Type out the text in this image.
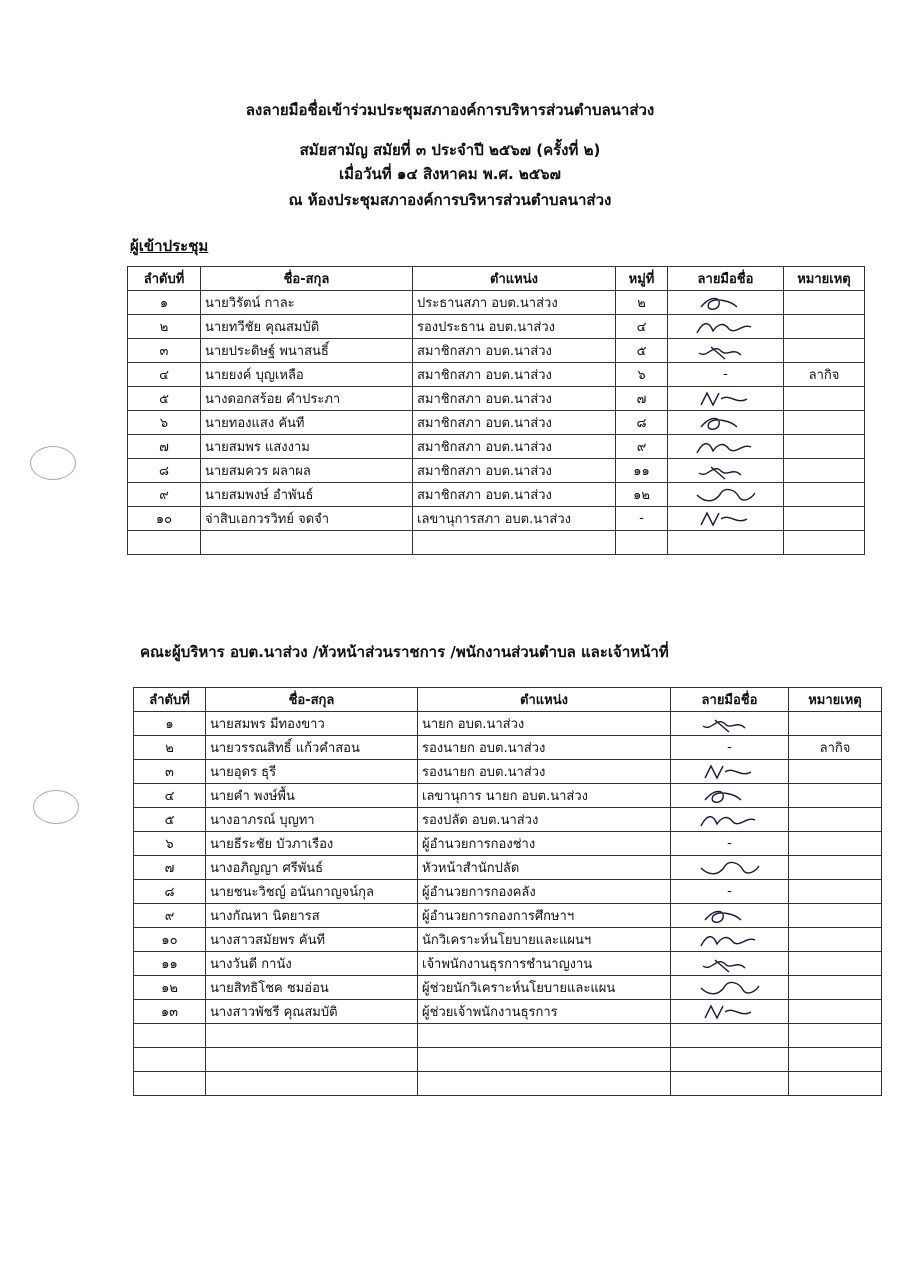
ลงลายมือชื่อเข้าร่วมประชุมสภาองค์การบริหารส่วนตำบลนาส่วง
สมัยสามัญ สมัยที่ ๓ ประจำปี ๒๕๖๗ (ครั้งที่ ๒)
เมื่อวันที่ ๑๔ สิงหาคม พ.ศ. ๒๕๖๗
ณ ห้องประชุมสภาองค์การบริหารส่วนตำบลนาส่วง
ผู้เข้าประชุม
ลำดับที่	ชื่อ-สกุล	ตำแหน่ง	หมู่ที่	ลายมือชื่อ	หมายเหตุ
๑	นายวิรัตน์ กาละ	ประธานสภา อบต.นาส่วง	๒	

๒	นายทวีชัย คุณสมบัติ	รองประธาน อบต.นาส่วง	๔	

๓	นายประดิษฐ์ พนาสนธิ์	สมาชิกสภา อบต.นาส่วง	๕	

๔	นายยงค์ บุญเหลือ	สมาชิกสภา อบต.นาส่วง	๖	-	ลากิจ
๕	นางดอกสร้อย คำประภา	สมาชิกสภา อบต.นาส่วง	๗	

๖	นายทองแสง คันที	สมาชิกสภา อบต.นาส่วง	๘	

๗	นายสมพร แสงงาม	สมาชิกสภา อบต.นาส่วง	๙	

๘	นายสมควร ผลาผล	สมาชิกสภา อบต.นาส่วง	๑๑	

๙	นายสมพงษ์ อำพันธ์	สมาชิกสภา อบต.นาส่วง	๑๒	

๑๐	จ่าสิบเอกวรวิทย์ จดจำ	เลขานุการสภา อบต.นาส่วง	-	

คณะผู้บริหาร อบต.นาส่วง /หัวหน้าส่วนราชการ /พนักงานส่วนตำบล และเจ้าหน้าที่
ลำดับที่	ชื่อ-สกุล	ตำแหน่ง	ลายมือชื่อ	หมายเหตุ
๑	นายสมพร มีทองขาว	นายก อบต.นาส่วง	

๒	นายวรรณสิทธิ์ แก้วคำสอน	รองนายก อบต.นาส่วง	-	ลากิจ
๓	นายอุดร ธุรี	รองนายก อบต.นาส่วง	

๔	นายคำ พงษ์พื้น	เลขานุการ นายก อบต.นาส่วง	

๕	นางอาภรณ์ บุญทา	รองปลัด อบต.นาส่วง	

๖	นายธีระชัย บัวภาเรือง	ผู้อำนวยการกองช่าง	-	
๗	นางอภิญญา ศรีพันธ์	หัวหน้าสำนักปลัด	

๘	นายชนะวิชญ์ อนันกาญจน์กุล	ผู้อำนวยการกองคลัง	-	
๙	นางกัณหา นิตยารส	ผู้อำนวยการกองการศึกษาฯ	

๑๐	นางสาวสมัยพร คันที	นักวิเคราะห์นโยบายและแผนฯ	

๑๑	นางวันดี กานัง	เจ้าพนักงานธุรการชำนาญงาน	

๑๒	นายสิทธิโชค ชมอ่อน	ผู้ช่วยนักวิเคราะห์นโยบายและแผน	

๑๓	นางสาวพัชรี คุณสมบัติ	ผู้ช่วยเจ้าพนักงานธุรการ	
